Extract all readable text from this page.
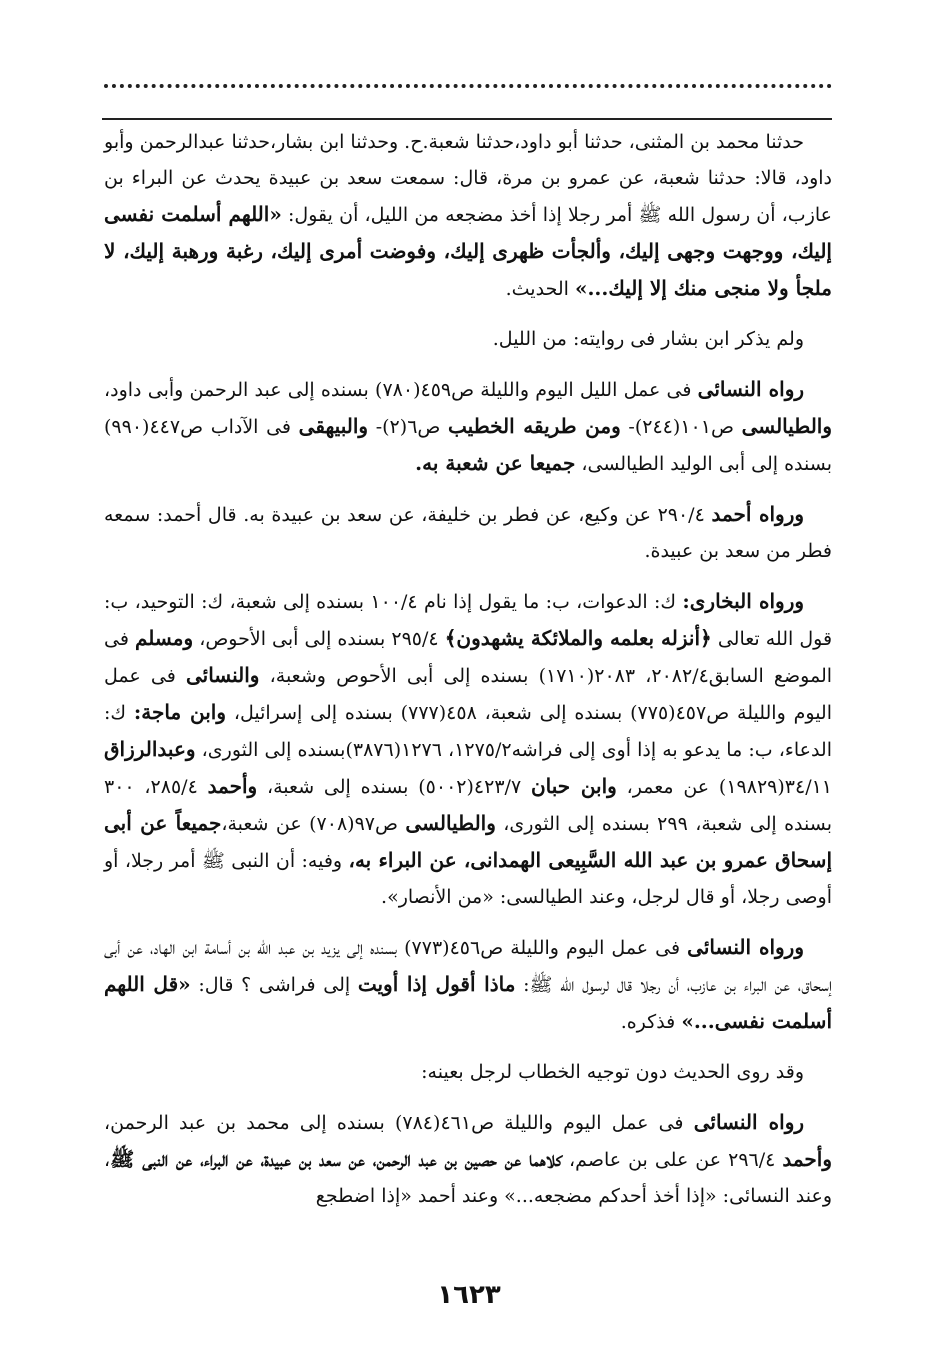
حدثنا محمد بن المثنى، حدثنا أبو داود،حدثنا شعبة.ح. وحدثنا ابن بشار،حدثنا عبدالرحمن وأبو داود، قالا: حدثنا شعبة، عن عمرو بن مرة، قال: سمعت سعد بن عبيدة يحدث عن البراء بن عازب، أن رسول الله ﷺ أمر رجلا إذا أخذ مضجعه من الليل، أن يقول: «اللهم أسلمت نفسى إليك، ووجهت وجهى إليك، وألجأت ظهرى إليك، وفوضت أمرى إليك، رغبة ورهبة إليك، لا ملجأ ولا منجى منك إلا إليك...» الحديث.

ولم يذكر ابن بشار فى روايته: من الليل.

رواه النسائى فى عمل الليل اليوم والليلة ص٤٥٩(٧٨٠) بسنده إلى عبد الرحمن وأبى داود، والطيالسى ص١٠١(٢٤٤)- ومن طريقه الخطيب ص٦(٢)- والبيهقى فى الآداب ص٤٤٧(٩٩٠) بسنده إلى أبى الوليد الطيالسى، جميعا عن شعبة به.

ورواه أحمد ٢٩٠/٤ عن وكيع، عن فطر بن خليفة، عن سعد بن عبيدة به. قال أحمد: سمعه فطر من سعد بن عبيدة.

ورواه البخارى: ك: الدعوات، ب: ما يقول إذا نام ١٠٠/٤ بسنده إلى شعبة، ك: التوحيد، ب: قول الله تعالى ﴿أنزله بعلمه والملائكة يشهدون﴾ ٢٩٥/٤ بسنده إلى أبى الأحوص، ومسلم فى الموضع السابق٢٠٨٢/٤، ٢٠٨٣(١٧١٠) بسنده إلى أبى الأحوص وشعبة، والنسائى فى عمل اليوم والليلة ص٤٥٧(٧٧٥) بسنده إلى شعبة، ٤٥٨(٧٧٧) بسنده إلى إسرائيل، وابن ماجة: ك: الدعاء، ب: ما يدعو به إذا أوى إلى فراشه١٢٧٥/٢، ١٢٧٦(٣٨٧٦)بسنده إلى الثورى، وعبدالرزاق ٣٤/١١(١٩٨٢٩) عن معمر، وابن حبان ٤٢٣/٧(٥٠٠٢) بسنده إلى شعبة، وأحمد ٢٨٥/٤، ٣٠٠ بسنده إلى شعبة، ٢٩٩ بسنده إلى الثورى، والطيالسى ص٩٧(٧٠٨) عن شعبة،جميعاً عن أبى إسحاق عمرو بن عبد الله السَّبِيعى الهمدانى، عن البراء به، وفيه: أن النبى ﷺ أمر رجلا، أو أوصى رجلا، أو قال لرجل، وعند الطيالسى: «من الأنصار».

ورواه النسائى فى عمل اليوم والليلة ص٤٥٦(٧٧٣) بسنده إلى يزيد بن عبد الله بن أسامة ابن الهاد، عن أبى إسحاق، عن البراء بن عازب، أن رجلا قال لرسول الله ﷺ: ماذا أقول إذا أويت إلى فراشى ؟ قال: «قل اللهم أسلمت نفسى...» فذكره.

وقد روى الحديث دون توجيه الخطاب لرجل بعينه:

رواه النسائى فى عمل اليوم والليلة ص٤٦١(٧٨٤) بسنده إلى محمد بن عبد الرحمن، وأحمد ٢٩٦/٤ عن على بن عاصم، كلاهما عن حصين بن عبد الرحمن، عن سعد بن عبيدة، عن البراء، عن النبى ﷺ، وعند النسائى: «إذا أخذ أحدكم مضجعه...» وعند أحمد «إذا اضطجع

١٦٢٣
